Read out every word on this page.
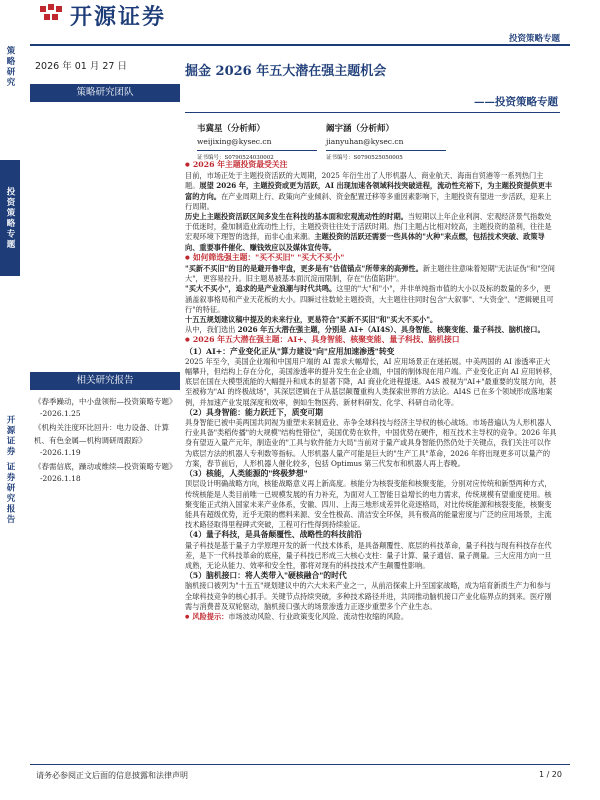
开源证券
投资策略专题
策略研究
投资策略专题
开源证券 证券研究报告
2026 年 01 月 27 日
策略研究团队
相关研究报告
《春季躁动，中小盘领衔—投资策略专题》
-2026.1.25
《机构关注度环比回升：电力设备、计算机、有色金属—机构调研周跟踪》
-2026.1.19
《春需信底，躁动或维续—投资策略专题》
-2026.1.18
掘金 2026 年五大潜在强主题机会
——投资策略专题
韦冀星（分析师）
weijixing@kysec.cn
证书编号：S0790524030002
阚宇涵（分析师）
jianyuhan@kysec.cn
证书编号：S0790525050005

● 2026 年主题投资最受关注

目前，市场正处于主题投资活跃的大周期，2025 年衍生出了人形机器人、商业航天、海南自贸港等一系列热门主题。展望 2026 年，主题投资或更为活跃，AI 出现加速各领域科技突破进程，流动性充裕下，为主题投资提供更丰富的方向。在产业周期上行、政策向产业倾斜、资金配置迁移等多重因素影响下，主题投资有望进一步活跃，迎来上行周期。

历史上主题投资活跃区间多发生在科技的基本面和宏观流动性的时期。当短期以上年企业利润、宏观经济景气指数处于低迷时，叠加制造业流动性上行，主题投资往往处于活跃时期。热门主题占比相对较高，主题投资的盈利，往往是宏观环境下理智的选择，而非心血来潮。主题投资的活跃还需要一些具体的"火种"来点燃，包括技术突破、政策导向、重要事件催化、赚钱效应以及媒体宣传等。

● 如何筛选强主题："买不买旧" "买大不买小"

"买新不买旧"的目的是避开鲁牢盘，更多是有"估值锚点"所带来的高弹性。新主题往往意味着短期"无法证伪"和"空间大"，更容易拉升。旧主题易被基本面沉淀而限制，存在"估值陷阱"。

"买大不买小"，追求的是产业浪潮与时代共鸣。这里的"大"和"小"，并非单纯指市值的大小以及标的数量的多少，更涵盖叙事格局和产业天花板的大小。四瞬过往数轮主题投资，大主题往往同时包含"大叙事"、"大资金"、"逻辑硬且可行"的特征。

十五五规划建议稿中提及的未来行业，更易符合"买新不买旧"和"买大不买小"。

从中，我们选出 2026 年五大潜在强主题，分别是 AI+（AI4S）、具身智能、核聚变能、量子科技、脑机接口。

● 2026 年五大潜在强主题：AI+、具身智能、核聚变能、量子科技、脑机接口

（1）AI+：产业变化正从"算力建设"向"应用加速渗透"转变

2025 年至今，美国企业端和中国用户端的 AI 需求大幅增长，AI 应用场景正在迷拓展。中美两国的 AI 渗透率正大幅攀升，但结构上存在分化，美国渗透率的提升发生在企业端，中国的制体现在用户端。产业变化正向 AI 应用转移，底层在国在大模型流能的大幅提升和成本的显著下降，AI 商业化进程提速。A4S 被视为"AI+"最重要的发展方向，甚至被称为"AI 的终极战场"，其深层逻辑在于从基层颠覆重构人类探索世界的方法论。AI4S 已在多个领域形成落地案例，并加速产业发展深度和效率，例如生物医药、新材料研发、化学、科研自动化等。

（2）具身智能：能力跃迁下，质变可期

具身智能已被中美两国共同视为重塑未来制造业、赤争全球科技与经济主导权的核心战场。市场普遍认为人形机器人行业具备"类稻传播"的大规模"结构性错位"，美国优势在软件，中国优势在硬件，相互技术主导权的竞争。2026 年具身有望迈入量产元年，制造业的"工具与软件能力大局"当前对于量产或具身智能仍然仍处于关键点，我们关注可以作为底层方法的机器人专利数等指标。人形机器人量产可能是巨大的"生产工具"革命，2026 年将出现更多可以量产的方案，春节前后，人形机器人催化较多，包括 Optimus 第三代发布和机器人再上春晚。

（3）核能，人类能源的"终极梦想"

顶层设计明确战略方向，核能战略意义再上新高度。核能分为核裂变能和核聚变能，分别对应传统和新型两种方式，传统核能是人类目前唯一已规模发展的有力补充，为面对人工智能日益增长的电力需求，传统规模有望重度使用。核聚变能正式纳入国家未来产业体系，安徽、四川、上海三地形成差异化竞逐格局，对比传统能源和核裂变能，核聚变能具有超级优势，近乎无限的燃料来源、安全性极高、清洁安全环保，具有极高的能量密度与广泛的应用场景，主流技术路径取得里程碑式突破，工程可行性得到持续验证。

（4）量子科技，是具备颠覆性、战略性的科技前沿

量子科技是基于量子力学原理开发的新一代技术体系，是具备颠覆性、底层的科技革命，量子科技与现有科技存在代差，是下一代科技革命的底座，量子科技已形成三大核心支柱：量子计算、量子通信、量子测量。三大应用方向一旦成熟，无论从能力、效率和安全性，都将对现有的科技技术产生颠覆性影响。

（5）脑机接口：将人类带入"硬核融合"的时代

脑机接口被列为"十五五"规划建议中的六大未来产业之一，从前沿探索上升至国家战略，成为培育新质生产力和参与全球科技竞争的核心抓手。关键节点持续突破，多种技术路径并进，共同推动脑机接口产业化临界点的到来。医疗刚需与消费普及双轮驱动，脑机接口强大的场景渗透力正逐步重塑多个产业生态。

● 风险提示：市场波动风险、行业政策变化风险、流动性收缩的风险。

请务必参阅正文后面的信息披露和法律声明	1 / 20
